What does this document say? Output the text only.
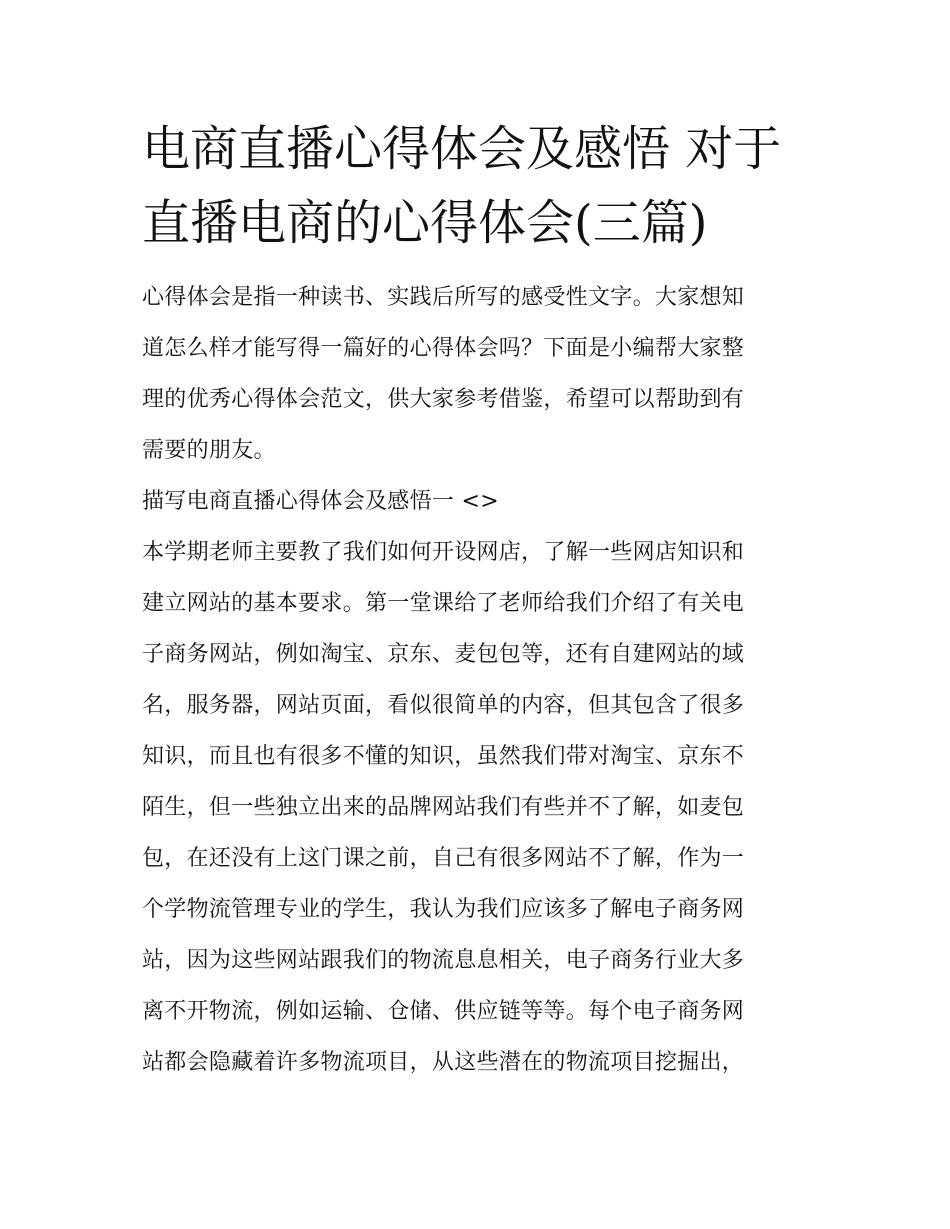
电商直播心得体会及感悟 对于
直播电商的心得体会(三篇)

心得体会是指一种读书、实践后所写的感受性文字。大家想知
道怎么样才能写得一篇好的心得体会吗？下面是小编帮大家整
理的优秀心得体会范文，供大家参考借鉴，希望可以帮助到有
需要的朋友。

描写电商直播心得体会及感悟一 <>

本学期老师主要教了我们如何开设网店，了解一些网店知识和
建立网站的基本要求。第一堂课给了老师给我们介绍了有关电
子商务网站，例如淘宝、京东、麦包包等，还有自建网站的域
名，服务器，网站页面，看似很简单的内容，但其包含了很多
知识，而且也有很多不懂的知识，虽然我们带对淘宝、京东不
陌生，但一些独立出来的品牌网站我们有些并不了解，如麦包
包，在还没有上这门课之前，自己有很多网站不了解，作为一
个学物流管理专业的学生，我认为我们应该多了解电子商务网
站，因为这些网站跟我们的物流息息相关，电子商务行业大多
离不开物流，例如运输、仓储、供应链等等。每个电子商务网
站都会隐藏着许多物流项目，从这些潜在的物流项目挖掘出，
